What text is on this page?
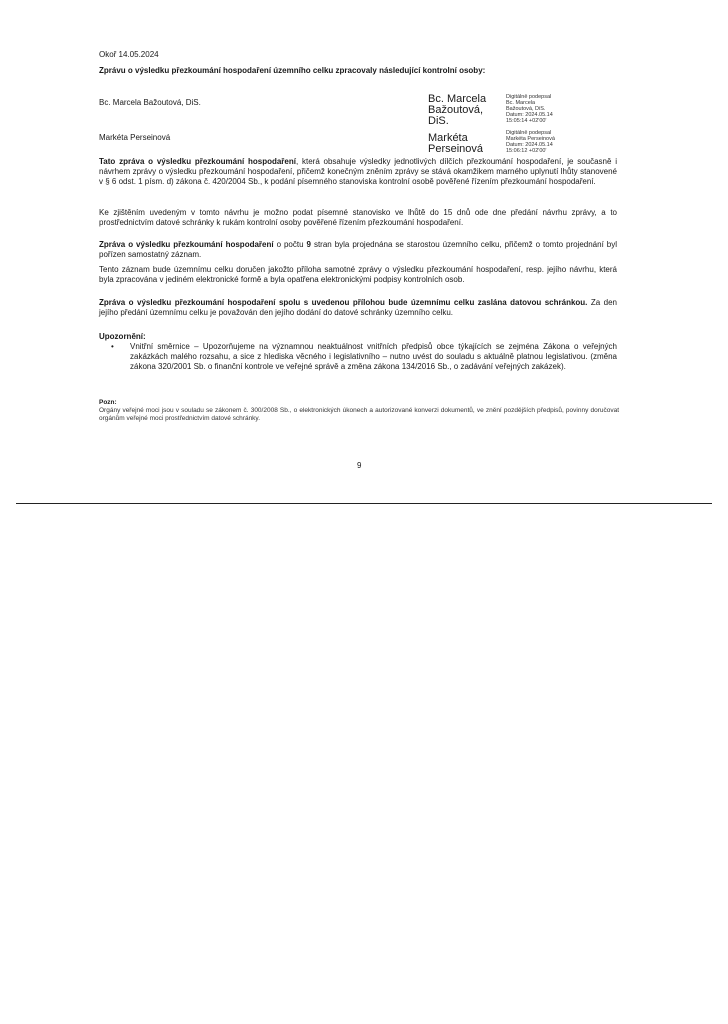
Okoř 14.05.2024
Zprávu o výsledku přezkoumání hospodaření územního celku zpracovaly následující kontrolní osoby:
Bc. Marcela Bažoutová, DiS.	Bc. Marcela
Bažoutová,
DiS.
Digitálně podepsal
Bc. Marcela
Bažoutová, DiS.
Datum: 2024.05.14
15:05:14 +02'00'
Markéta Perseinová	Markéta
Perseinová
Digitálně podepsal
Markéta Perseinová
Datum: 2024.05.14
15:06:12 +02'00'
Tato zpráva o výsledku přezkoumání hospodaření, která obsahuje výsledky jednotlivých dílčích přezkoumání hospodaření, je současně i návrhem zprávy o výsledku přezkoumání hospodaření, přičemž konečným zněním zprávy se stává okamžikem marného uplynutí lhůty stanovené v § 6 odst. 1 písm. d) zákona č. 420/2004 Sb., k podání písemného stanoviska kontrolní osobě pověřené řízením přezkoumání hospodaření.
Ke zjištěním uvedeným v tomto návrhu je možno podat písemné stanovisko ve lhůtě do 15 dnů ode dne předání návrhu zprávy, a to prostřednictvím datové schránky k rukám kontrolní osoby pověřené řízením přezkoumání hospodaření.
Zpráva o výsledku přezkoumání hospodaření o počtu 9 stran byla projednána se starostou územního celku, přičemž o tomto projednání byl pořízen samostatný záznam.
Tento záznam bude územnímu celku doručen jakožto příloha samotné zprávy o výsledku přezkoumání hospodaření, resp. jejího návrhu, která byla zpracována v jediném elektronické formě a byla opatřena elektronickými podpisy kontrolních osob.
Zpráva o výsledku přezkoumání hospodaření spolu s uvedenou přílohou bude územnímu celku zaslána datovou schránkou. Za den jejího předání územnímu celku je považován den jejího dodání do datové schránky územního celku.
Upozornění:
• Vnitřní směrnice – Upozorňujeme na významnou neaktuálnost vnitřních předpisů obce týkajících se zejména Zákona o veřejných zakázkách malého rozsahu, a sice z hlediska věcného i legislativního – nutno uvést do souladu s aktuálně platnou legislativou. (změna zákona 320/2001 Sb. o finanční kontrole ve veřejné správě a změna zákona 134/2016 Sb., o zadávání veřejných zakázek).
Pozn:
Orgány veřejné moci jsou v souladu se zákonem č. 300/2008 Sb., o elektronických úkonech a autorizované konverzi dokumentů, ve znění pozdějších předpisů, povinny doručovat orgánům veřejné moci prostřednictvím datové schránky.
9
